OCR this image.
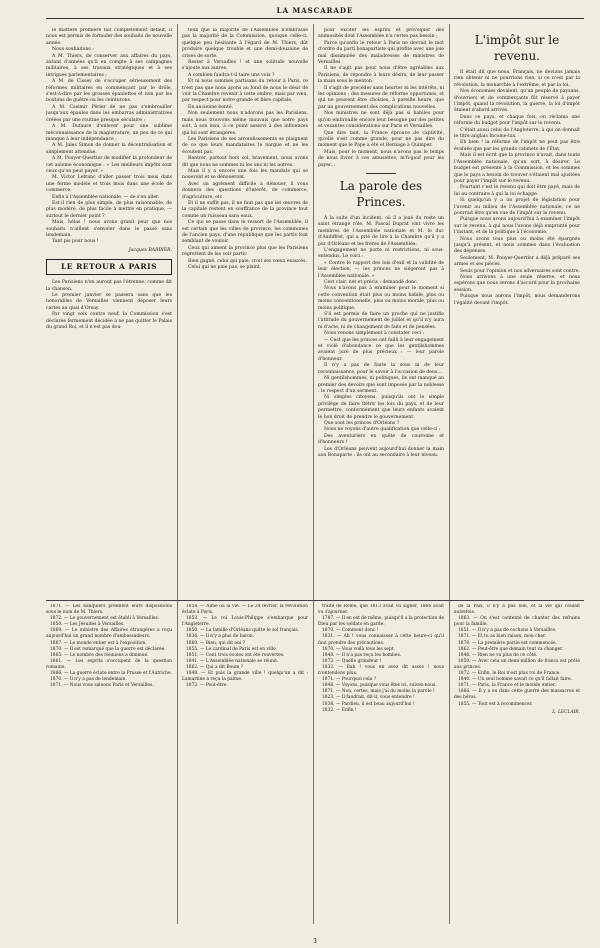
LA MASCARADE

le mattère première fait complètement défaut, il nous est permis de formuler des souhaits de nouvelle année.

Nous souhaitons :

A M. Thiers, de conserver aux affaires du pays, autant d'années qu'il en compte à ses campagnes militaires, à ses travaux stratégiques et à ses intrigues parlementaires ;

A M. de Cissey de s'occuper sérieusement des réformes militaires en commençant par le drôle, s'est-à-dire par les grosses épaulettes et non par les boutons de guêtre ou les ceinturons.

A M. Casimir Périer de ne pas s'embrouiller jusqu'aux épaules dans les embarras administratives créées par une routine presque séculaire ;

A M. Dufaure d'enlever pour une sublime méconnaissance de la magistrature, un peu de ce qui manque à leur indépendance ;

A M. Jules Simon de donner la décentralisation et simplement attendue.

A M. Pouyer-Quertier de modifier la profondeur de cet axiome économique : « Les meilleurs impôts sont ceux qu'on peut payer. »

M. Victor Lefranc d'aller passer trois mois dans une ferme modèle et trois mois dans une école de commerce.

Enfin à l'Assemblée nationale, — de s'en aller.

Est-il rien de plus simple, de plus raisonnable, de plus modéré, de plus facile à mettre en pratique, — surtout le dernier point ?

Mais, hélas ! nous avons grand peur que nos souhaits n'aillent s'envoler dans le passé sans lendemain.

Tant pis pour nous !

Jacques BARBIER.
LE RETOUR A PARIS

Les Parisiens n'en auront pas l'étrenne, comme dit la chanson.

Le premier janvier se passera sans que les honorables de Versailles viennent déposer leurs cartes au quai d'Orsay.

Par vingt voix contre neuf, la Commission s'est déclarée fermement décidée à ne pas quitter le Palais du grand Roi, et il n'est pas dou-

teux que la majorité de l'Assemblée n'embrasse pas la majorité de la Commission, quoique celle-ci, quelque peu hésitante à l'égard de M. Thiers, dût produire quelque trouble et une demi-douzaine de crises de sorte.

Rester à Versailles ! et une solitude nouvelle s'ajoute aux autres.

A combien faudra-t-il taire une voix ?

Et ni nous sommes partisans du retour à Paris, ce n'est pas que nous ayons au fond de nous le désir de voir la Chambre revenir à cette ombre, mais par vœu, par respect pour notre grande et fière capitale.

En ancienne bonté.

Non seulement nous n'adorons pas les Parisiens, mais nous trouvons même mauvais que notre pays soit, à son insu, à ce point asservi à des influences qui lui sont étrangères.

Les Parisiens de ses arrondissements se plaignent de ce que leurs mandataires le nargue et ne les écoutent pas.

Rentrer, partout hors sol, bravement, nous avons dit que nous ne sommes ni les uns ni les autres.

Mais il y a encore une fois les mandats qui se noueront et se dénoueront.

Avec un agrément difficile à dénouer, il vous donnera des questions d'intérêt, de commerce, d'agriculture, etc.

Et il ne suffit pas, il ne faut pas que les œuvres de la capitale restent en souffrance de la province tout comme un ruisseau sans eaux.

Ce qui se passe dans le ressort de l'Assemblée, il est certain que les villes de province, les communes de l'ancien pays, d'une république que les partis font semblant de vouloir.

Ceux qui aiment la province plus que les Parisiens regrettent de les voir partir.

Bien gagné, celui qui paie, croit ses vœux exaucés.

Celui qui ne paie pas, se plaint.

pour exciter les esprits et provoquer des animosités dont l'Assemblée n'a certes pas besoin ;

Parce qu'enfin le retour à Paris ne devrait le mot d'ordre du parti bonapartiste qui profite avec une joie mal dissimulée des maladresses de ministres de Versailles.

Il ne s'agit pas pour nous d'être agréables aux Parisiens, de répondre à leurs désirs, de leur passer la main sous le menton.

Il s'agit de procéder sans heurter ni les intérêts, ni les opinions ; des mesures de réforme opportunes, et qui ne peuvent être choisies, à pareille heure, que par un gouvernement des complications nouvelles.

Nos ministres ne sont déjà pas si habiles pour qu'on embrouille encore leur besogne par des petites et vexantes considérations sur Paris et Versailles.

Que dire tant, la France éprouve de captivité, qu'elle s'est comme grande, pour ne pas dire du moment que le Pape a été et Bernage à Quimper.

Mais, pour le moment, nous n'avons pas le temps de nous livrer à ces amusettes, m'fi-gauf pour les payer...

La parole des Princes.

À la suite d'un incident, où il a joué du reste un saint étrange rôle, M. Pascal Duprat vint vivre les membres de l'Assemblée nationale et M. le duc d'Audiffret, qui a prié de lire à la Chambre qu'il y a par d'Orléans et les frères de l'Assemblée.

L'engagement ne porte ni restrictions, ni sous-entendus. Le voici :

« Contre le rapport des lois d'exil et la validité de leur élection, — les princes ne siégeront pas à l'Assemblée nationale. »

Cest clair, net et précis : demandé donc.

Nous n'avons pas à examiner pour le moment si cette convention était plus ou moins habile, plus ou moins conventionnelle, plus ou moins morale, plus ou moins politique.

S'il est permis de faire un proche qui ne justifie l'attitude du gouvernement de juillet et qu'il n'y aura ni d'acte, ni de changement de faits et de pensées.

Nous venons simplement à constater ceci :

— Cest que les princes ont failli à leur engagement et violé d'abondance ce que les gentilshommes avaient juré de plus précieux : — leur parole d'honneur.

Il n'y a pas de faute la sous ni de leur reconnaissance, pour le savoir à l'occasion de deux...

Ni gentilshommes, ni politiques, ils ont manqué au premier des devoirs que sont imposés par la noblesse : le respect d'un serment.

Ni simples citoyens, puisqu'ils ont le simple privilège de faire flétrir les lois du pays, et de leur permettre, conformément que leurs enfants avaient le bon droit de prendre le gouvernement.

Que sont les princes d'Orléans ?

Nous ne voyons d'autre qualification que celle-ci :

Des aventuriers en quête de couronne et d'honneurs !

Les d'Orléans peuvent aujourd'hui donner la main aux Bonaparte : ils ont au secondaire à leur niveau.

L'impôt sur le revenu.

Il était dit que nous, Français, ne devions jamais rien obtenir ni ne pourrions rien, si ce n'est par la révolution, la monarchie à l'extrême, et par la loi.

Nos économies devaient, qu'un peuple de paysans, d'ouvriers et de commerçants fût réservé à payer l'impôt, quand la révolution, la guerre, la loi d'impôt étaient d'abord arrivés.

Dans ce pays, et chaque fois, on réclama une réforme du budget pour l'impôt sur le revenu.

C'était aussi celui de l'Angleterre, à qui on donnait le titre anglais Income-tax.

Eh bien ! la réforme de l'impôt ne peut pas être évaluée que par les grands cabinets de l'État.

Mais il est écrit que la province n'avait, dans toute l'Assemblée nationale, qu'un sort, à désirer. Le budget est présenté à la Commission, et les sommes que le pays a besoin de trouver s'étaient mal ajustées pour payer l'impôt sur le revenu.

Pourtant c'est le revenu qui doit être payé, mais de lui au contraire à qui la loi échappe.

Si quelqu'un y a un projet de législation pour l'avenir au milieu de l'Assemblée nationale, ce ne pourrait être qu'en vue de l'impôt sur le revenu.

Puisque nous avons aujourd'hui à examiner l'impôt sur le revenu, à qui nous l'avons déjà emprunté pour l'instant, et de la politique à l'économie.

Nous avons tous plus ou moins été épargnés jusqu'à présent, et nous sommes dans l'évaluation des dépenses.

Seulement, M. Pouyer-Quertier a déjà préparé ses armes et ses pièces.

Seuls pour l'opinion et nos adversaires sont contre.

Nous arrivons à une seule réserve, et nous espérons que nous serons d'accord pour la prochaine session.

Puisque nous aurons l'impôt, nous demanderons l'égalité devant l'impôt.

1871. — Les banquiers prennent leurs dispositions sous le nom de M. Thiers.

1872. — Le gouvernement est établi à Versailles.

1850. — Les Jésuites à Versailles.

1869. — Le ministre des Affaires étrangères a reçu aujourd'hui un grand nombre d'ambassadeurs.

1867. — Le monde entier est à l'exposition.

1870. — Il est remarqué que la guerre est déclarée.

1865. — Le nombre des réunions a diminué.

1861. — Les esprits s'occupent de la question romaine.

1866. — La guerre éclate entre la Prusse et l'Autriche.

1870. — Il n'y a pas de lendemain.

1871. — Nous vous saluons Paris et Versailles.

1858. — Aimé ou la vie. — Le 24 février, la révolution éclate à Paris.

1853. — Le roi Louis-Philippe s'embarque pour l'Angleterre.

1850. — La famille d'Orléans quitte le sol français.

1836. — Il n'y a plus de baron.

1860. — Bien, qui dit oui ?

1855. — Le cardinal de Paris est en ville.

1851. — Cent trois écoles ont été rouvertes.

1841. — L'Assemblée nationale se réunit.

1862. — Qui a dit Boum ?

1848. — Et puis la grande ville ! quelqu'un a dit : Lamartine a reçu la palme.

1872. — Peut-être.

traité de Rome, que 1813 avait vu signer, 1866 avait vu s'ajourner.

1787. — Il en est de même, puisqu'il a la protection de Dieu par les soldats en garde.

1870. — Comment donc !

1831. — Ah ! vous connaissez à cette heure-ci qu'il faut prendre des précautions.

1870. — Vous voilà tous les sept.

1848. — Il n'a pas reçu les bombes.

1872. — Quelle grandeur !

1832. — Bah ! vous en avez dit assez ! nous n'entendons plus.

1871. — Pourquoi cela ?

1848. — Voyons, puisque vous êtes ici, suivez-nous.

1871. — Non, certes, mais j'ai du moins la parole !

1823. — Il faudrait, dit-il, vous entendre !

1838. — Pardieu, il est beau aujourd'hui !

1832. — Enfin !

de la Paix, il n'y a pas loin, et la vie qui coulait autrefois.

1863. — On s'est contenté de chanter des refrains pour la famille.

1851. — Il n'y a pas de cochons à Versailles.

1871. — Et tu as bien raison, mon cher.

1870. — La première partie est commencée.

1862. — Peut-être que demain tout va changer.

1846. — Rien ne va plus de ce côté.

1850. — Avec cela un demi-million de francs est prêté aux princes.

1872. — Enfin, le Roi n'est plus roi de France.

1840. — Un seul homme savait ce qu'il fallait faire.

1871. — Paris, la France et le monde entier.

1866. — Il y a eu dans cette guerre des massacres et des héros.

1855. — Tout est à recommencer.

L. LECLAIR.
3
